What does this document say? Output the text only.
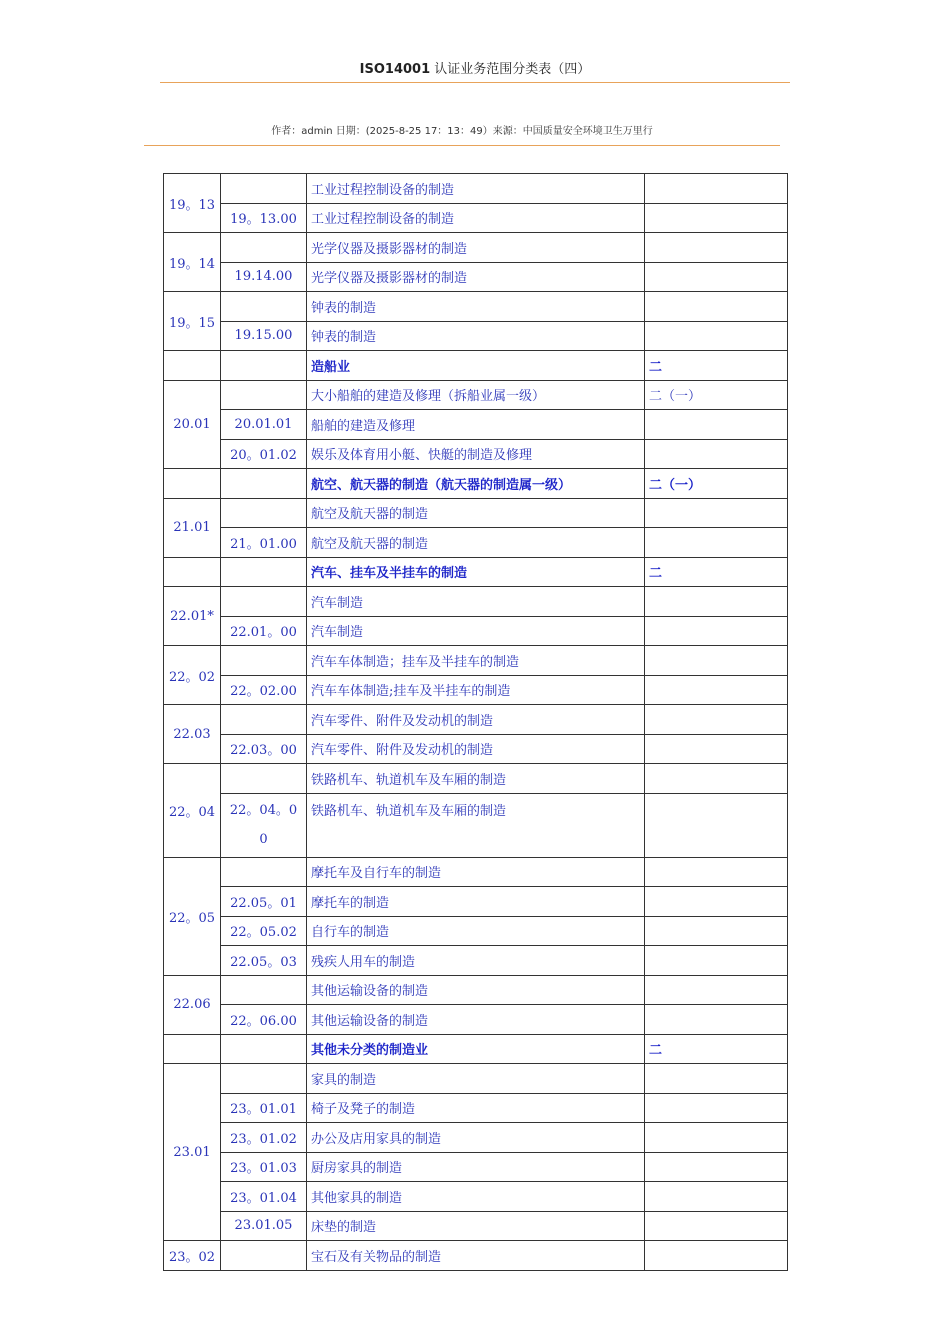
ISO14001 认证业务范围分类表（四）
作者：admin 日期：(2025-8-25 17：13：49）来源：中国质量安全环境卫生万里行
19。13		工业过程控制设备的制造	
	19。13.00	工业过程控制设备的制造	
19。14		光学仪器及摄影器材的制造	
	19.14.00	光学仪器及摄影器材的制造	
19。15		钟表的制造	
	19.15.00	钟表的制造	
		造船业	二
20.01		大小船舶的建造及修理（拆船业属一级）	二（一）
	20.01.01	船舶的建造及修理	
	20。01.02	娱乐及体育用小艇、快艇的制造及修理	
		航空、航天器的制造（航天器的制造属一级）	二（一）
21.01		航空及航天器的制造	
	21。01.00	航空及航天器的制造	
		汽车、挂车及半挂车的制造	二
22.01*		汽车制造	
	22.01。00	汽车制造	
22。02		汽车车体制造；挂车及半挂车的制造	
	22。02.00	汽车车体制造;挂车及半挂车的制造	
22.03		汽车零件、附件及发动机的制造	
	22.03。00	汽车零件、附件及发动机的制造	
22。04		铁路机车、轨道机车及车厢的制造	
	22。04。0 0	铁路机车、轨道机车及车厢的制造	
22。05		摩托车及自行车的制造	
	22.05。01	摩托车的制造	
	22。05.02	自行车的制造	
	22.05。03	残疾人用车的制造	
22.06		其他运输设备的制造	
	22。06.00	其他运输设备的制造	
		其他未分类的制造业	二
23.01		家具的制造	
	23。01.01	椅子及凳子的制造	
	23。01.02	办公及店用家具的制造	
	23。01.03	厨房家具的制造	
	23。01.04	其他家具的制造	
	23.01.05	床垫的制造	
23。02		宝石及有关物品的制造	
